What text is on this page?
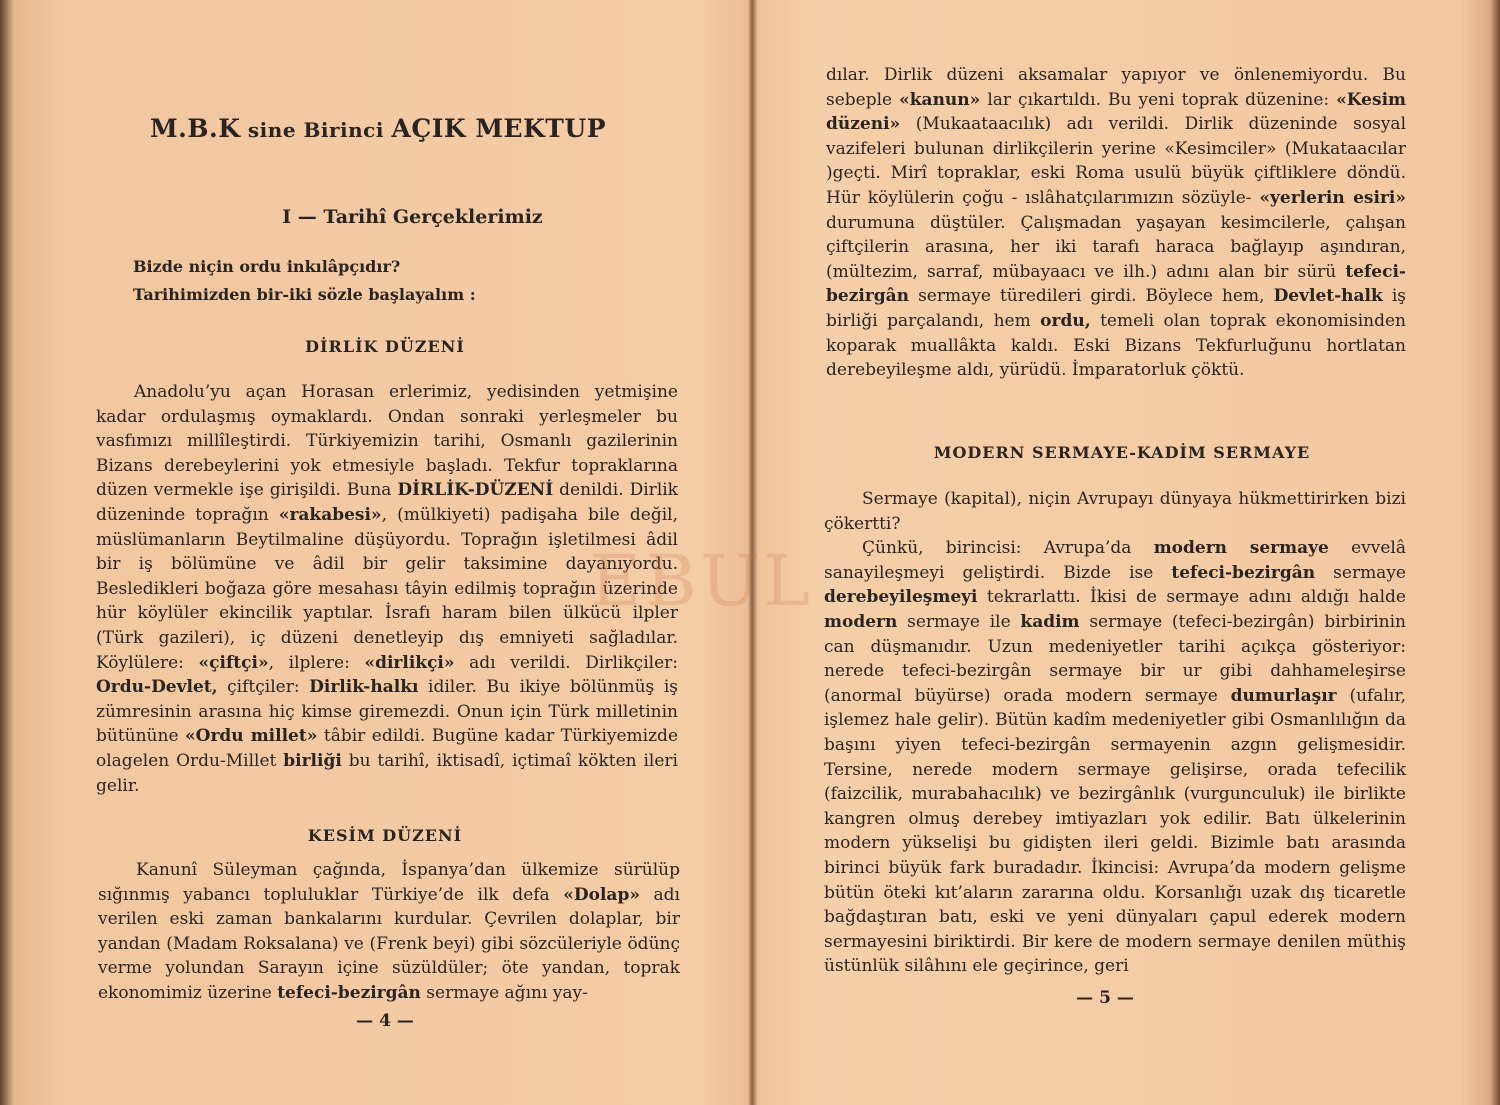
M.B.K sine Birinci AÇIK MEKTUP
I — Tarihî Gerçeklerimiz
Bizde niçin ordu inkılâpçıdır?
Tarihimizden bir-iki sözle başlayalım :
DİRLİK DÜZENİ

Anadolu’yu açan Horasan erlerimiz, yedisinden yetmişine kadar ordulaşmış oymaklardı. Ondan sonraki yerleşmeler bu vasfımızı millîleştirdi. Türkiyemizin tarihi, Osmanlı gazilerinin Bizans derebeylerini yok etmesiyle başladı. Tekfur topraklarına düzen vermekle işe girişildi. Buna DİRLİK-DÜZENİ denildi. Dirlik düzeninde toprağın «rakabesi», (mülkiyeti) padişaha bile değil, müslümanların Beytilmaline düşüyordu. Toprağın işletilmesi âdil bir iş bölümüne ve âdil bir gelir taksimine dayanıyordu. Besledikleri boğaza göre mesahası tâyin edilmiş toprağın üzerinde hür köylüler ekincilik yaptılar. İsrafı haram bilen ülkücü ilpler (Türk gazileri), iç düzeni denetleyip dış emniyeti sağladılar. Köylülere: «çiftçi», ilplere: «dirlikçi» adı verildi. Dirlikçiler: Ordu-Devlet, çiftçiler: Dirlik-halkı idiler. Bu ikiye bölünmüş iş zümresinin arasına hiç kimse giremezdi. Onun için Türk milletinin bütününe «Ordu millet» tâbir edildi. Bugüne kadar Türkiyemizde olagelen Ordu-Millet birliği bu tarihî, iktisadî, içtimaî kökten ileri gelir.

KESİM DÜZENİ

Kanunî Süleyman çağında, İspanya’dan ülkemize sürülüp sığınmış yabancı topluluklar Türkiye’de ilk defa «Dolap» adı verilen eski zaman bankalarını kurdular. Çevrilen dolaplar, bir yandan (Madam Roksalana) ve (Frenk beyi) gibi sözcüleriyle ödünç verme yolundan Sarayın içine süzüldüler; öte yandan, toprak ekonomimiz üzerine tefeci-bezirgân sermaye ağını yay-

— 4 —

dılar. Dirlik düzeni aksamalar yapıyor ve önlenemiyordu. Bu sebeple «kanun» lar çıkartıldı. Bu yeni toprak düzenine: «Kesim düzeni» (Mukaataacılık) adı verildi. Dirlik düzeninde sosyal vazifeleri bulunan dirlikçilerin yerine «Kesimciler» (Mukataacılar )geçti. Mirî topraklar, eski Roma usulü büyük çiftliklere döndü. Hür köylülerin çoğu - ıslâhatçılarımızın sözüyle- «yerlerin esiri» durumuna düştüler. Çalışmadan yaşayan kesimcilerle, çalışan çiftçilerin arasına, her iki tarafı haraca bağlayıp aşındıran, (mültezim, sarraf, mübayaacı ve ilh.) adını alan bir sürü tefeci-bezirgân sermaye türedileri girdi. Böylece hem, Devlet-halk iş birliği parçalandı, hem ordu, temeli olan toprak ekonomisinden koparak muallâkta kaldı. Eski Bizans Tekfurluğunu hortlatan derebeyileşme aldı, yürüdü. İmparatorluk çöktü.

MODERN SERMAYE-KADİM SERMAYE

Sermaye (kapital), niçin Avrupayı dünyaya hükmettirirken bizi çökertti?

Çünkü, birincisi: Avrupa’da modern sermaye evvelâ sanayileşmeyi geliştirdi. Bizde ise tefeci-bezirgân sermaye derebeyileşmeyi tekrarlattı. İkisi de sermaye adını aldığı halde modern sermaye ile kadim sermaye (tefeci-bezirgân) birbirinin can düşmanıdır. Uzun medeniyetler tarihi açıkça gösteriyor: nerede tefeci-bezirgân sermaye bir ur gibi dahhameleşirse (anormal büyürse) orada modern sermaye dumurlaşır (ufalır, işlemez hale gelir). Bütün kadîm medeniyetler gibi Osmanlılığın da başını yiyen tefeci-bezirgân sermayenin azgın gelişmesidir. Tersine, nerede modern sermaye gelişirse, orada tefecilik (faizcilik, murabahacılık) ve bezirgânlık (vurgunculuk) ile birlikte kangren olmuş derebey imtiyazları yok edilir. Batı ülkelerinin modern yükselişi bu gidişten ileri geldi. Bizimle batı arasında birinci büyük fark buradadır. İkincisi: Avrupa’da modern gelişme bütün öteki kıt’aların zararına oldu. Korsanlığı uzak dış ticaretle bağdaştıran batı, eski ve yeni dünyaları çapul ederek modern sermayesini biriktirdi. Bir kere de modern sermaye denilen müthiş üstünlük silâhını ele geçirince, geri

— 5 —
EBUL
